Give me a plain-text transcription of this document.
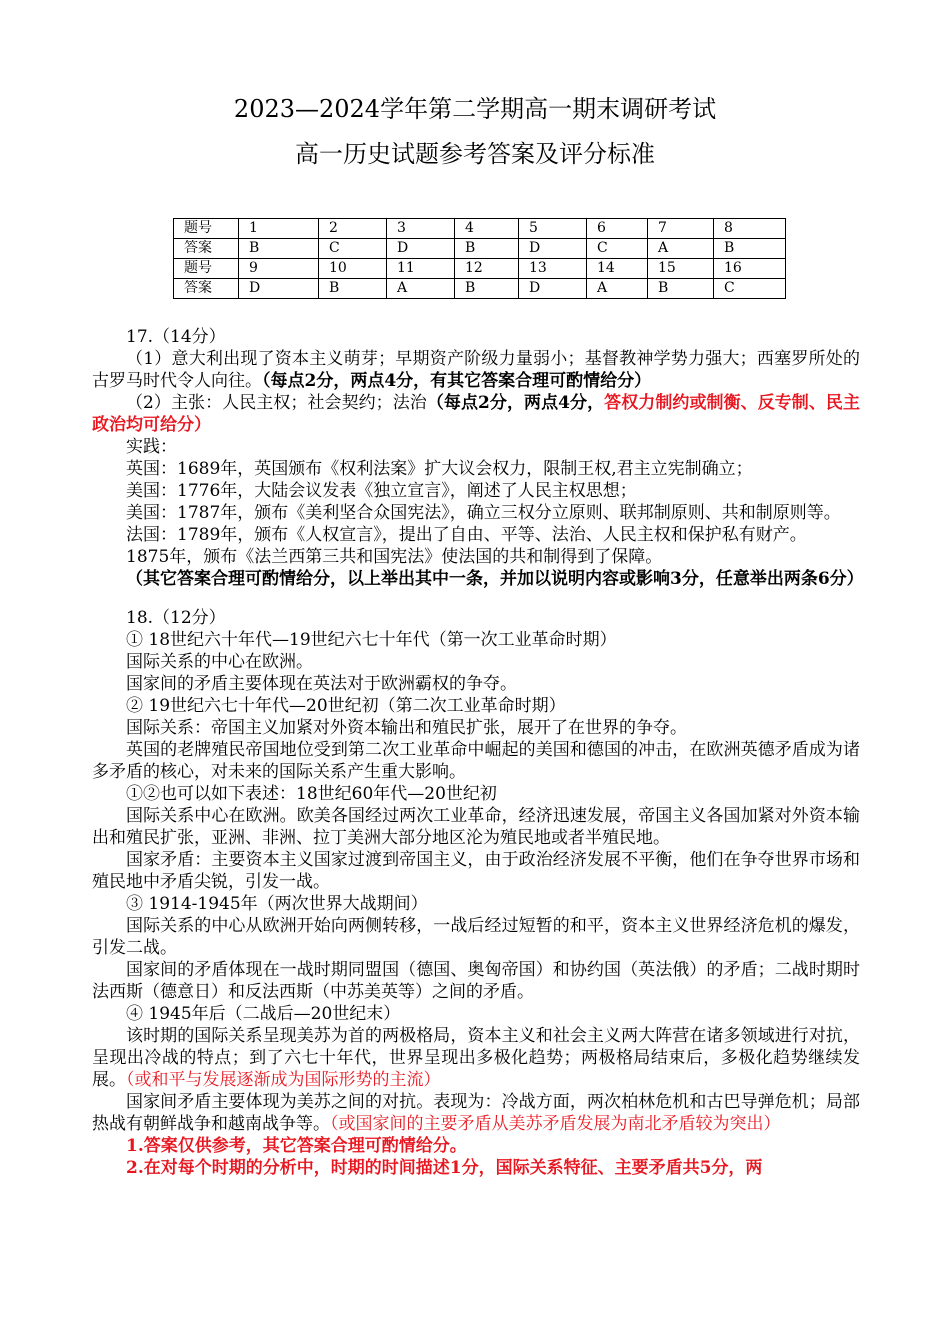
2023—2024学年第二学期高一期末调研考试
高一历史试题参考答案及评分标准
题号	1	2	3	4	5	6	7	8
答案	B	C	D	B	D	C	A	B
题号	9	10	11	12	13	14	15	16
答案	D	B	A	B	D	A	B	C

17.（14分）

（1）意大利出现了资本主义萌芽；早期资产阶级力量弱小；基督教神学势力强大；西塞罗所处的古罗马时代令人向往。（每点2分，两点4分，有其它答案合理可酌情给分）

（2）主张：人民主权；社会契约；法治（每点2分，两点4分，答权力制约或制衡、反专制、民主政治均可给分）

实践：

英国：1689年，英国颁布《权利法案》扩大议会权力，限制王权,君主立宪制确立；

美国：1776年，大陆会议发表《独立宣言》，阐述了人民主权思想；

美国：1787年，颁布《美利坚合众国宪法》，确立三权分立原则、联邦制原则、共和制原则等。

法国：1789年，颁布《人权宣言》，提出了自由、平等、法治、人民主权和保护私有财产。

1875年，颁布《法兰西第三共和国宪法》使法国的共和制得到了保障。

（其它答案合理可酌情给分，以上举出其中一条，并加以说明内容或影响3分，任意举出两条6分）

18.（12分）

① 18世纪六十年代—19世纪六七十年代（第一次工业革命时期）

国际关系的中心在欧洲。

国家间的矛盾主要体现在英法对于欧洲霸权的争夺。

② 19世纪六七十年代—20世纪初（第二次工业革命时期）

国际关系：帝国主义加紧对外资本输出和殖民扩张，展开了在世界的争夺。

英国的老牌殖民帝国地位受到第二次工业革命中崛起的美国和德国的冲击，在欧洲英德矛盾成为诸多矛盾的核心，对未来的国际关系产生重大影响。

①②也可以如下表述：18世纪60年代—20世纪初

国际关系中心在欧洲。欧美各国经过两次工业革命，经济迅速发展，帝国主义各国加紧对外资本输出和殖民扩张，亚洲、非洲、拉丁美洲大部分地区沦为殖民地或者半殖民地。

国家矛盾：主要资本主义国家过渡到帝国主义，由于政治经济发展不平衡，他们在争夺世界市场和殖民地中矛盾尖锐，引发一战。

③ 1914-1945年（两次世界大战期间）

国际关系的中心从欧洲开始向两侧转移，一战后经过短暂的和平，资本主义世界经济危机的爆发，引发二战。

国家间的矛盾体现在一战时期同盟国（德国、奥匈帝国）和协约国（英法俄）的矛盾；二战时期时法西斯（德意日）和反法西斯（中苏美英等）之间的矛盾。

④ 1945年后（二战后—20世纪末）

该时期的国际关系呈现美苏为首的两极格局，资本主义和社会主义两大阵营在诸多领域进行对抗，呈现出冷战的特点；到了六七十年代，世界呈现出多极化趋势；两极格局结束后，多极化趋势继续发展。（或和平与发展逐渐成为国际形势的主流）

国家间矛盾主要体现为美苏之间的对抗。表现为：冷战方面，两次柏林危机和古巴导弹危机；局部热战有朝鲜战争和越南战争等。（或国家间的主要矛盾从美苏矛盾发展为南北矛盾较为突出）

1.答案仅供参考，其它答案合理可酌情给分。

2.在对每个时期的分析中，时期的时间描述1分，国际关系特征、主要矛盾共5分，两
